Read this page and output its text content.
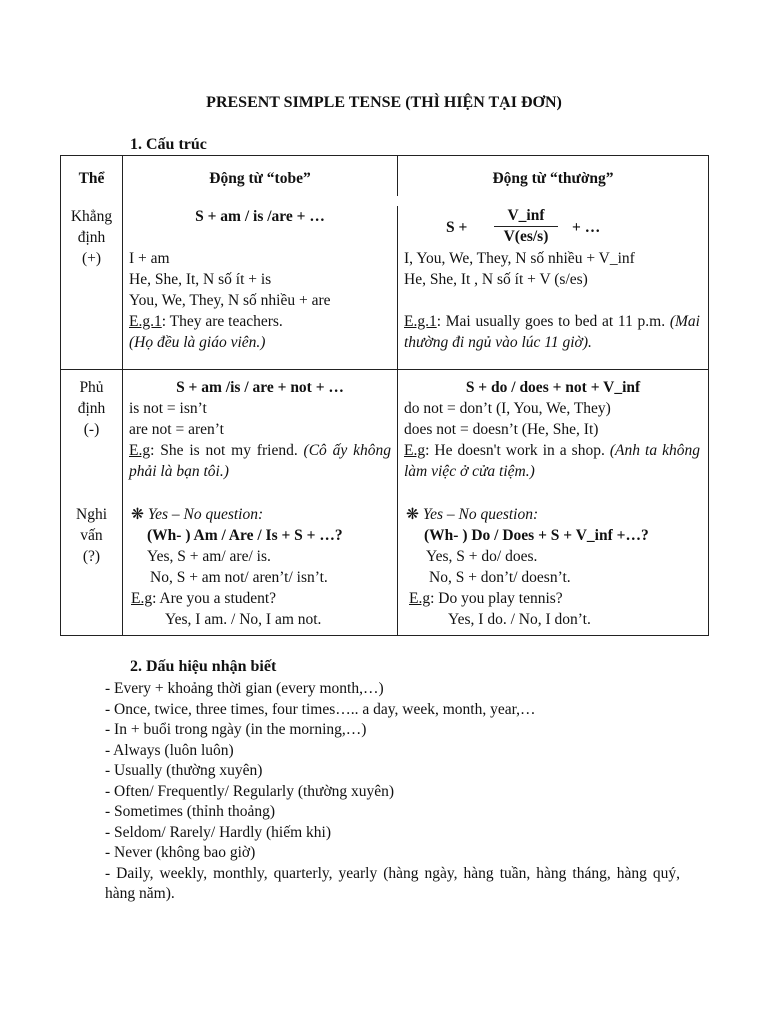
PRESENT SIMPLE TENSE (THÌ HIỆN TẠI ĐƠN)
1. Cấu trúc
Thể	Động từ “tobe”	Động từ “thường”
Khẳng
định
(+)
S + am / is /are + …
I + am
He, She, It, N số ít + is
You, We, They, N số nhiều + are
E.g.1: They are teachers.
(Họ đều là giáo viên.)
S +
V_inf
V(es/s)
+ …
I, You, We, They, N số nhiều + V_inf
He, She, It , N số ít + V (s/es)
E.g.1: Mai usually goes to bed at 11 p.m. (Mai thường đi ngủ vào lúc 11 giờ).
Phủ
định
(-)
S + am /is / are + not + …
is not = isn’t
are not = aren’t
E.g: She is not my friend. (Cô ấy không phải là bạn tôi.)
S + do / does + not + V_inf
do not = don’t (I, You, We, They)
does not = doesn’t (He, She, It)
E.g: He doesn't work in a shop. (Anh ta không làm việc ở cửa tiệm.)
Nghi
vấn
(?)
❋ Yes – No question:
(Wh- ) Am / Are / Is + S + …?
Yes, S + am/ are/ is.
No, S + am not/ aren’t/ isn’t.
E.g: Are you a student?
Yes, I am. / No, I am not.
❋ Yes – No question:
(Wh- ) Do / Does + S + V_inf +…?
Yes, S + do/ does.
No, S + don’t/ doesn’t.
E.g: Do you play tennis?
Yes, I do. / No, I don’t.
2. Dấu hiệu nhận biết
- Every + khoảng thời gian (every month,…)
- Once, twice, three times, four times….. a day, week, month, year,…
- In + buổi trong ngày (in the morning,…)
- Always (luôn luôn)
- Usually (thường xuyên)
- Often/ Frequently/ Regularly (thường xuyên)
- Sometimes (thỉnh thoảng)
- Seldom/ Rarely/ Hardly (hiếm khi)
- Never (không bao giờ)
- Daily, weekly, monthly, quarterly, yearly (hàng ngày, hàng tuần, hàng tháng, hàng quý, hàng năm).
